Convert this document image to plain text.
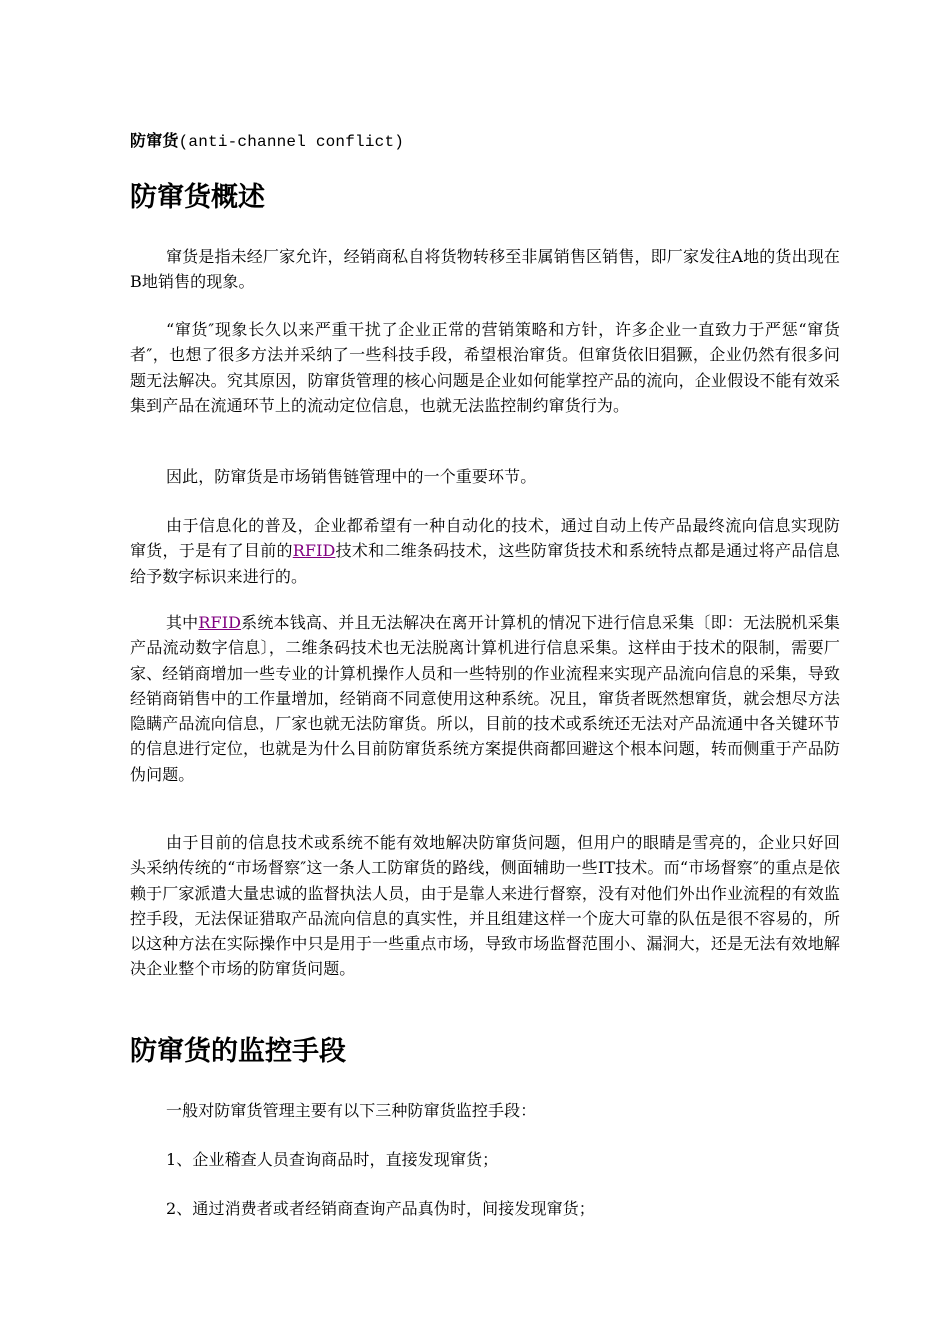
防窜货(anti-channel conflict)
防窜货概述

窜货是指未经厂家允许，经销商私自将货物转移至非属销售区销售，即厂家发往A地的货出现在B地销售的现象。

“窜货″现象长久以来严重干扰了企业正常的营销策略和方针，许多企业一直致力于严惩“窜货者″，也想了很多方法并采纳了一些科技手段，希望根治窜货。但窜货依旧猖獗，企业仍然有很多问题无法解决。究其原因，防窜货管理的核心问题是企业如何能掌控产品的流向，企业假设不能有效采集到产品在流通环节上的流动定位信息，也就无法监控制约窜货行为。

因此，防窜货是市场销售链管理中的一个重要环节。

由于信息化的普及，企业都希望有一种自动化的技术，通过自动上传产品最终流向信息实现防窜货，于是有了目前的RFID技术和二维条码技术，这些防窜货技术和系统特点都是通过将产品信息给予数字标识来进行的。

其中RFID系统本钱高、并且无法解决在离开计算机的情况下进行信息采集〔即：无法脱机采集产品流动数字信息〕，二维条码技术也无法脱离计算机进行信息采集。这样由于技术的限制，需要厂家、经销商增加一些专业的计算机操作人员和一些特别的作业流程来实现产品流向信息的采集，导致经销商销售中的工作量增加，经销商不同意使用这种系统。况且，窜货者既然想窜货，就会想尽方法隐瞒产品流向信息，厂家也就无法防窜货。所以，目前的技术或系统还无法对产品流通中各关键环节的信息进行定位，也就是为什么目前防窜货系统方案提供商都回避这个根本问题，转而侧重于产品防伪问题。

由于目前的信息技术或系统不能有效地解决防窜货问题，但用户的眼睛是雪亮的，企业只好回头采纳传统的“市场督察″这一条人工防窜货的路线，侧面辅助一些IT技术。而“市场督察″的重点是依赖于厂家派遣大量忠诚的监督执法人员，由于是靠人来进行督察，没有对他们外出作业流程的有效监控手段，无法保证猎取产品流向信息的真实性，并且组建这样一个庞大可靠的队伍是很不容易的，所以这种方法在实际操作中只是用于一些重点市场，导致市场监督范围小、漏洞大，还是无法有效地解决企业整个市场的防窜货问题。

防窜货的监控手段

一般对防窜货管理主要有以下三种防窜货监控手段：

1、企业稽查人员查询商品时，直接发现窜货；

2、通过消费者或者经销商查询产品真伪时，间接发现窜货；
